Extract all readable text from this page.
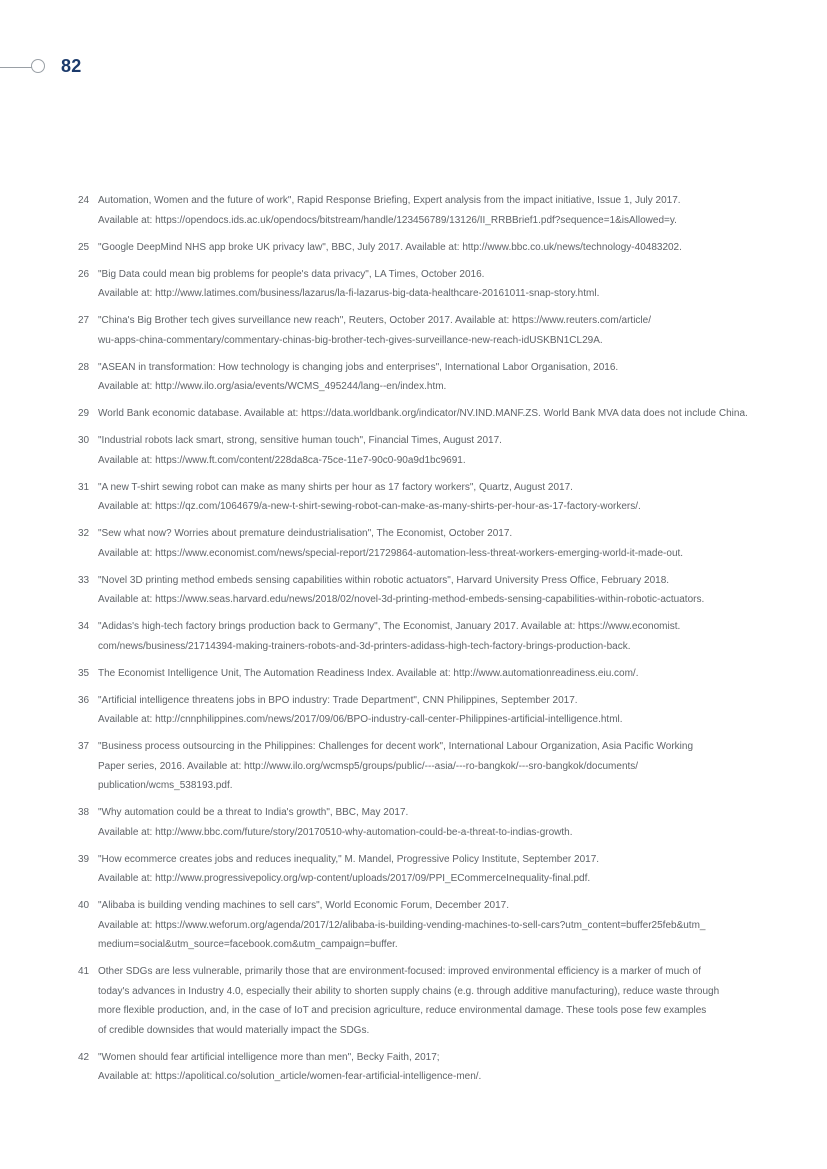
82
24 Automation, Women and the future of work", Rapid Response Briefing, Expert analysis from the impact initiative, Issue 1, July 2017.
Available at: https://opendocs.ids.ac.uk/opendocs/bitstream/handle/123456789/13126/II_RRBBrief1.pdf?sequence=1&isAllowed=y.
25 "Google DeepMind NHS app broke UK privacy law", BBC, July 2017. Available at: http://www.bbc.co.uk/news/technology-40483202.
26 "Big Data could mean big problems for people's data privacy", LA Times, October 2016.
Available at: http://www.latimes.com/business/lazarus/la-fi-lazarus-big-data-healthcare-20161011-snap-story.html.
27 "China's Big Brother tech gives surveillance new reach", Reuters, October 2017. Available at: https://www.reuters.com/article/
wu-apps-china-commentary/commentary-chinas-big-brother-tech-gives-surveillance-new-reach-idUSKBN1CL29A.
28 "ASEAN in transformation: How technology is changing jobs and enterprises", International Labor Organisation, 2016.
Available at: http://www.ilo.org/asia/events/WCMS_495244/lang--en/index.htm.
29 World Bank economic database. Available at: https://data.worldbank.org/indicator/NV.IND.MANF.ZS. World Bank MVA data does not include China.
30 "Industrial robots lack smart, strong, sensitive human touch", Financial Times, August 2017.
Available at: https://www.ft.com/content/228da8ca-75ce-11e7-90c0-90a9d1bc9691.
31 "A new T-shirt sewing robot can make as many shirts per hour as 17 factory workers", Quartz, August 2017.
Available at: https://qz.com/1064679/a-new-t-shirt-sewing-robot-can-make-as-many-shirts-per-hour-as-17-factory-workers/.
32 "Sew what now? Worries about premature deindustrialisation", The Economist, October 2017.
Available at: https://www.economist.com/news/special-report/21729864-automation-less-threat-workers-emerging-world-it-made-out.
33 "Novel 3D printing method embeds sensing capabilities within robotic actuators", Harvard University Press Office, February 2018.
Available at: https://www.seas.harvard.edu/news/2018/02/novel-3d-printing-method-embeds-sensing-capabilities-within-robotic-actuators.
34 "Adidas's high-tech factory brings production back to Germany", The Economist, January 2017. Available at: https://www.economist.
com/news/business/21714394-making-trainers-robots-and-3d-printers-adidass-high-tech-factory-brings-production-back.
35 The Economist Intelligence Unit, The Automation Readiness Index. Available at: http://www.automationreadiness.eiu.com/.
36 "Artificial intelligence threatens jobs in BPO industry: Trade Department", CNN Philippines, September 2017.
Available at: http://cnnphilippines.com/news/2017/09/06/BPO-industry-call-center-Philippines-artificial-intelligence.html.
37 "Business process outsourcing in the Philippines: Challenges for decent work", International Labour Organization, Asia Pacific Working
Paper series, 2016. Available at: http://www.ilo.org/wcmsp5/groups/public/---asia/---ro-bangkok/---sro-bangkok/documents/
publication/wcms_538193.pdf.
38 "Why automation could be a threat to India's growth", BBC, May 2017.
Available at: http://www.bbc.com/future/story/20170510-why-automation-could-be-a-threat-to-indias-growth.
39 "How ecommerce creates jobs and reduces inequality," M. Mandel, Progressive Policy Institute, September 2017.
Available at: http://www.progressivepolicy.org/wp-content/uploads/2017/09/PPI_ECommerceInequality-final.pdf.
40 "Alibaba is building vending machines to sell cars", World Economic Forum, December 2017.
Available at: https://www.weforum.org/agenda/2017/12/alibaba-is-building-vending-machines-to-sell-cars?utm_content=buffer25feb&utm_
medium=social&utm_source=facebook.com&utm_campaign=buffer.
41 Other SDGs are less vulnerable, primarily those that are environment-focused: improved environmental efficiency is a marker of much of
today's advances in Industry 4.0, especially their ability to shorten supply chains (e.g. through additive manufacturing), reduce waste through
more flexible production, and, in the case of IoT and precision agriculture, reduce environmental damage. These tools pose few examples
of credible downsides that would materially impact the SDGs.
42 "Women should fear artificial intelligence more than men", Becky Faith, 2017;
Available at: https://apolitical.co/solution_article/women-fear-artificial-intelligence-men/.
